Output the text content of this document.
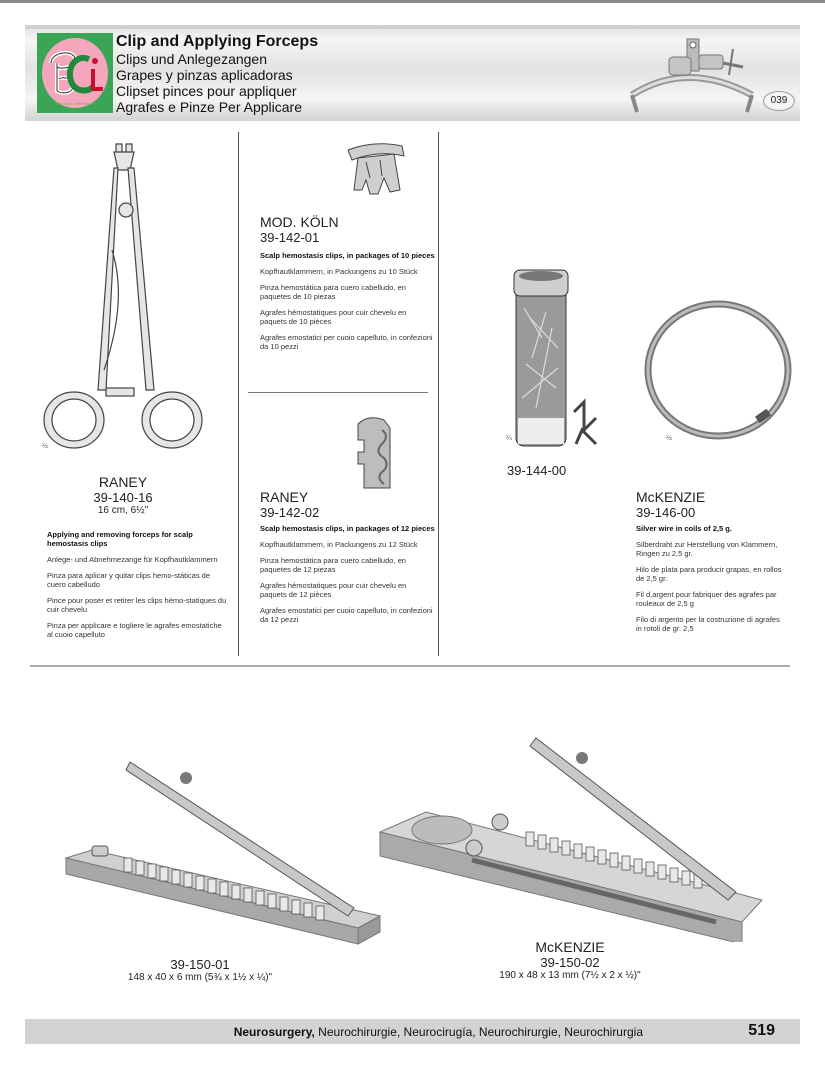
Best Care International
Clip and Applying Forceps
Clips und Anlegezangen
Grapes y pinzas aplicadoras
Clipset pinces pour appliquer
Agrafes e Pinze Per Applicare	039
½
RANEY
39-140-16
16 cm, 6½"

Applying and removing forceps for scalp hemostasis clips

Anlege- und Abnehmezange für Kopfhautklammern

Pinza para aplicar y quitar clips hemo-státicas de cuero cabelludo

Pince pour poser et retirer les clips hémo-statiques du cuir chevelu

Pinza per applicare e togliere le agrafes emostatiche al cuoio capelluto

MOD. KÖLN
39-142-01

Scalp hemostasis clips, in packages of 10 pieces

Kopfhautklammern, in Packungens zu 10 Stück

Pinza hemostática para cuero cabelludo, en paquetes de 10 piezas

Agrafes hémostatiques pour cuir chevelu en paquets de 10 pièces

Agrafes emostatici per cuoio capelluto, in confezioni da 10 pezzi

RANEY
39-142-02

Scalp hemostasis clips, in packages of 12 pieces

Kopfhautklammern, in Packungens zu 12 Stück

Pinza hemostática para cuero cabelludo, en paquetes de 12 piezas

Agrafes hémostatiques pour cuir chevelu en paquets de 12 pièces

Agrafes emostatici per cuoio capelluto, in confezioni da 12 pezzi

¼
39-144-00
½
McKENZIE
39-146-00

Silver wire in coils of 2,5 g.

Silberdraht zur Herstellung von Klammern, Ringen zu 2,5 gr.

Hilo de plata para producir grapas, en rollos de 2,5 gr.

Fil d,argent pour fabriquer des agrafes par rouleaux de 2,5 g

Filo di argento per la costruzione di agrafes in rotoli de gr. 2,5

39-150-01
148 x 40 x 6 mm (5¾ x 1½ x ¼)"
McKENZIE
39-150-02
190 x 48 x 13 mm (7½ x 2 x ½)"
Neurosurgery, Neurochirurgie, Neurocirugía, Neurochirurgie, Neurochirurgia	519
